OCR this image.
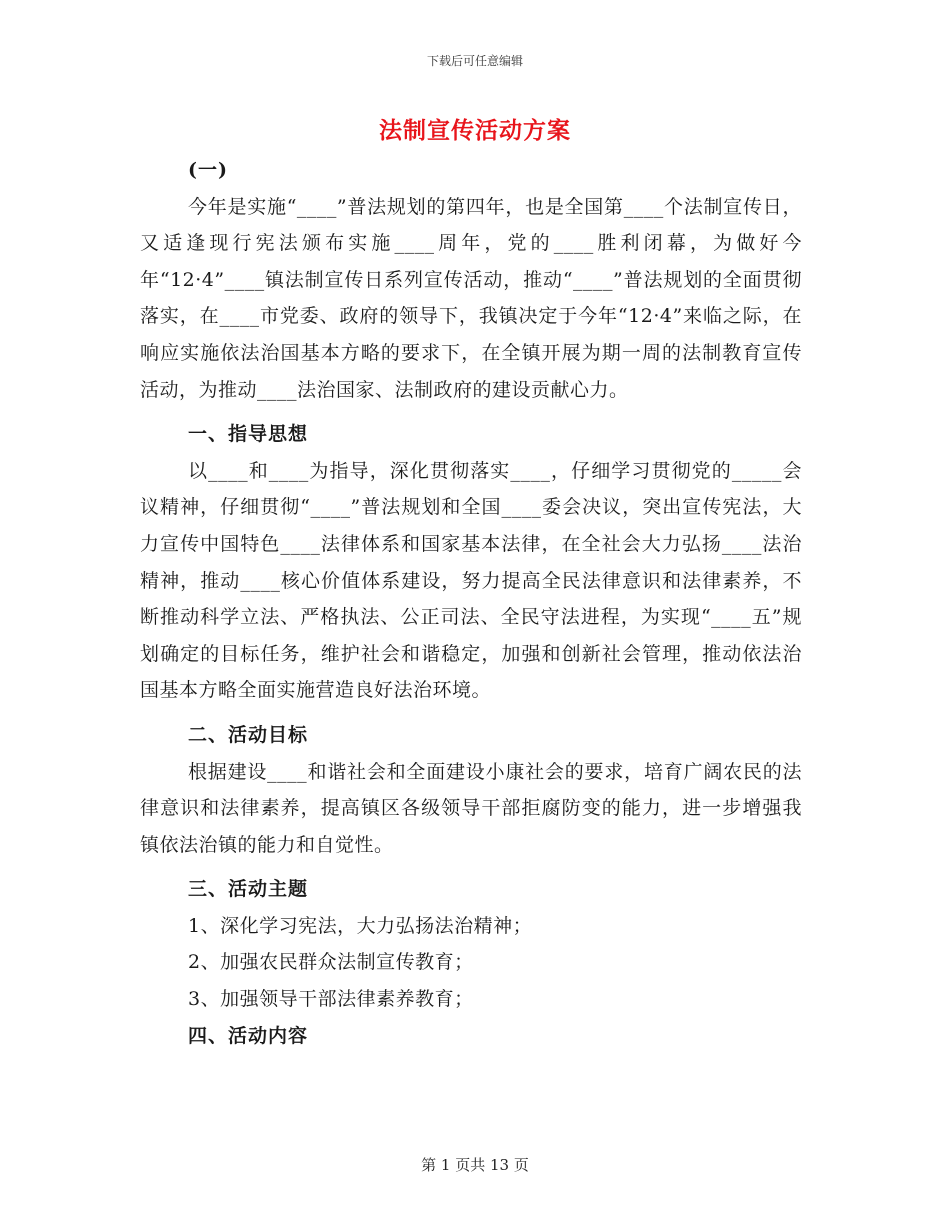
下载后可任意编辑
法制宣传活动方案

(一)

今年是实施“____”普法规划的第四年，也是全国第____个法制宣传日，又适逢现行宪法颁布实施____周年，党的____胜利闭幕，为做好今年“12·4”____镇法制宣传日系列宣传活动，推动“____”普法规划的全面贯彻落实，在____市党委、政府的领导下，我镇决定于今年“12·4”来临之际，在响应实施依法治国基本方略的要求下，在全镇开展为期一周的法制教育宣传活动，为推动____法治国家、法制政府的建设贡献心力。

一、指导思想

以____和____为指导，深化贯彻落实____，仔细学习贯彻党的_____会议精神，仔细贯彻“____”普法规划和全国____委会决议，突出宣传宪法，大力宣传中国特色____法律体系和国家基本法律，在全社会大力弘扬____法治精神，推动____核心价值体系建设，努力提高全民法律意识和法律素养，不断推动科学立法、严格执法、公正司法、全民守法进程，为实现“____五”规划确定的目标任务，维护社会和谐稳定，加强和创新社会管理，推动依法治国基本方略全面实施营造良好法治环境。

二、活动目标

根据建设____和谐社会和全面建设小康社会的要求，培育广阔农民的法律意识和法律素养，提高镇区各级领导干部拒腐防变的能力，进一步增强我镇依法治镇的能力和自觉性。

三、活动主题

1、深化学习宪法，大力弘扬法治精神；

2、加强农民群众法制宣传教育；

3、加强领导干部法律素养教育；

四、活动内容

第 1 页共 13 页
